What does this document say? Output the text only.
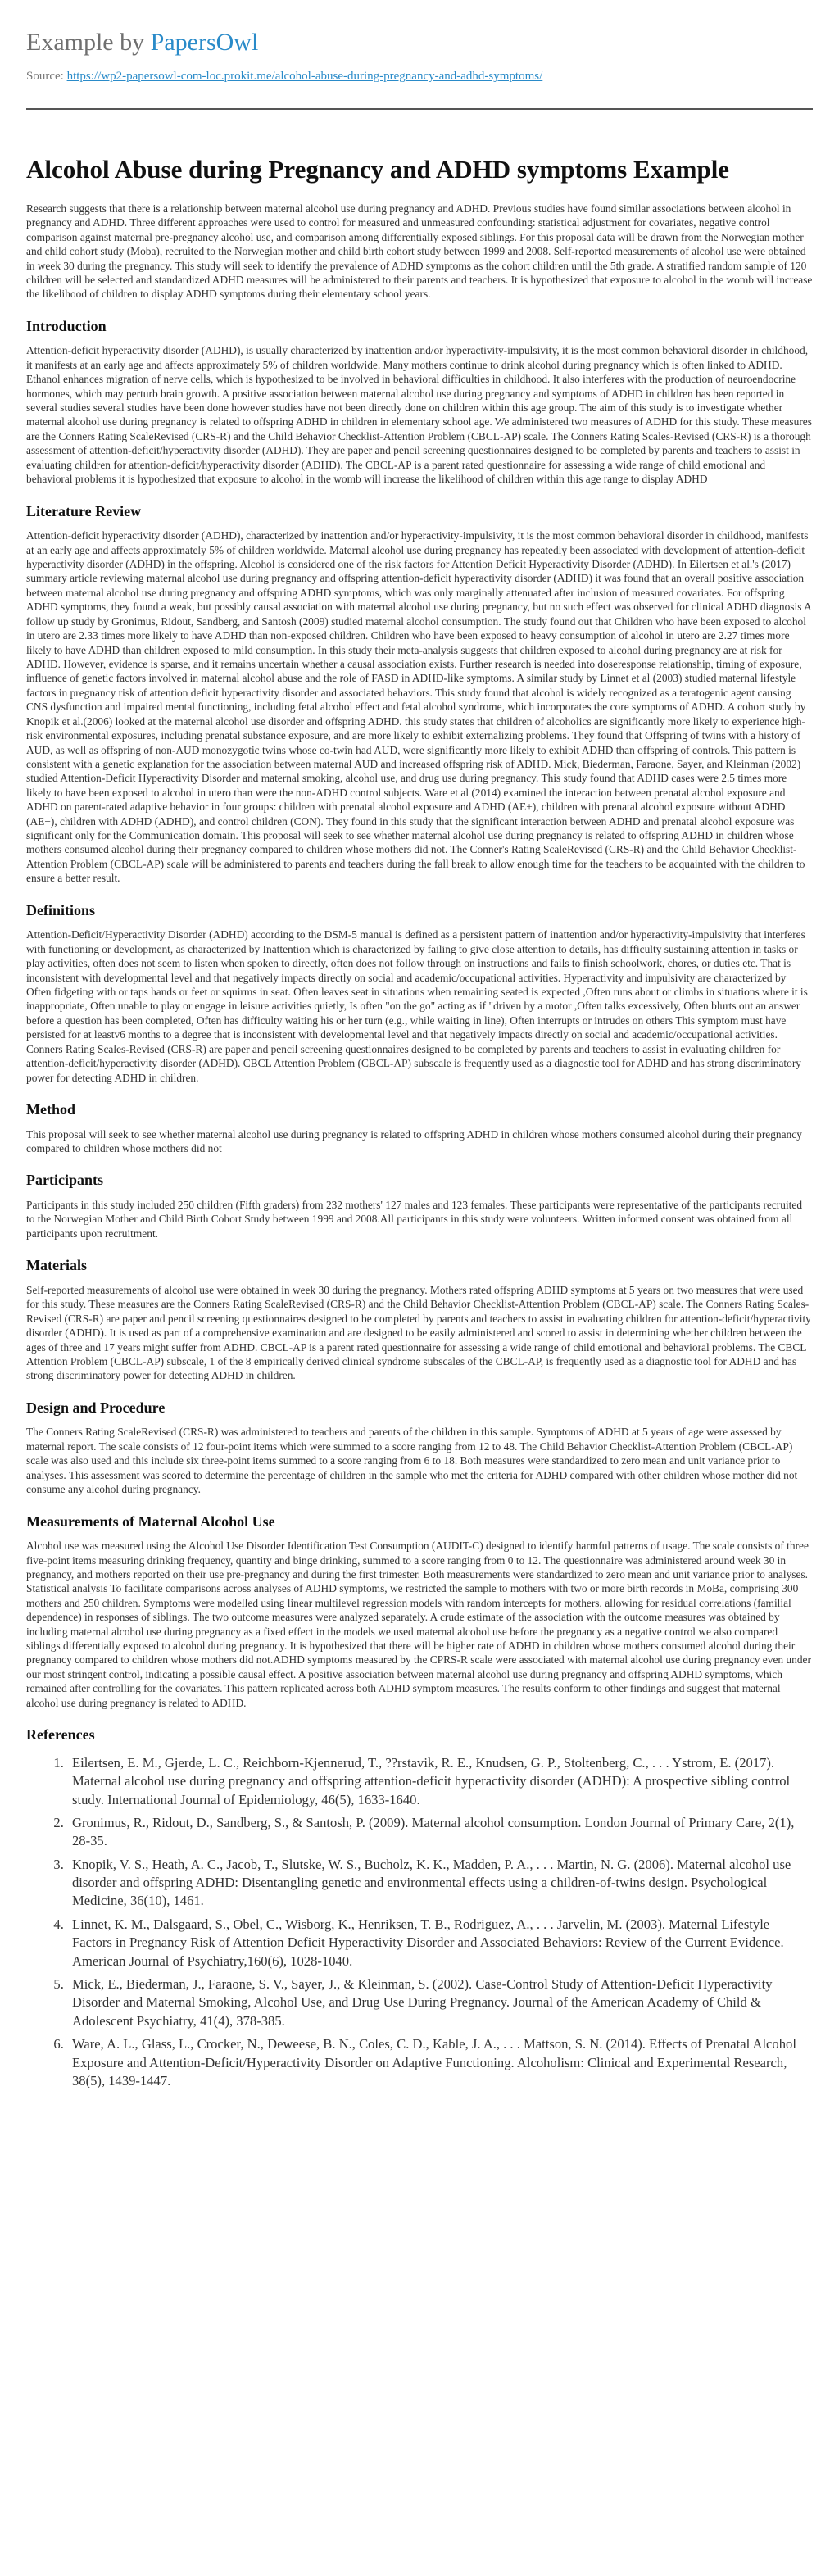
Example by PapersOwl
Source: https://wp2-papersowl-com-loc.prokit.me/alcohol-abuse-during-pregnancy-and-adhd-symptoms/
Alcohol Abuse during Pregnancy and ADHD symptoms Example

Research suggests that there is a relationship between maternal alcohol use during pregnancy and ADHD. Previous studies have found similar associations between alcohol in pregnancy and ADHD. Three different approaches were used to control for measured and unmeasured confounding: statistical adjustment for covariates, negative control comparison against maternal pre-pregnancy alcohol use, and comparison among differentially exposed siblings. For this proposal data will be drawn from the Norwegian mother and child cohort study (Moba), recruited to the Norwegian mother and child birth cohort study between 1999 and 2008. Self-reported measurements of alcohol use were obtained in week 30 during the pregnancy. This study will seek to identify the prevalence of ADHD symptoms as the cohort children until the 5th grade. A stratified random sample of 120 children will be selected and standardized ADHD measures will be administered to their parents and teachers. It is hypothesized that exposure to alcohol in the womb will increase the likelihood of children to display ADHD symptoms during their elementary school years.

Introduction

Attention-deficit hyperactivity disorder (ADHD), is usually characterized by inattention and/or hyperactivity-impulsivity, it is the most common behavioral disorder in childhood, it manifests at an early age and affects approximately 5% of children worldwide. Many mothers continue to drink alcohol during pregnancy which is often linked to ADHD. Ethanol enhances migration of nerve cells, which is hypothesized to be involved in behavioral difficulties in childhood. It also interferes with the production of neuroendocrine hormones, which may perturb brain growth. A positive association between maternal alcohol use during pregnancy and symptoms of ADHD in children has been reported in several studies several studies have been done however studies have not been directly done on children within this age group. The aim of this study is to investigate whether maternal alcohol use during pregnancy is related to offspring ADHD in children in elementary school age. We administered two measures of ADHD for this study. These measures are the Conners Rating ScaleRevised (CRS-R) and the Child Behavior Checklist-Attention Problem (CBCL-AP) scale. The Conners Rating Scales-Revised (CRS-R) is a thorough assessment of attention-deficit/hyperactivity disorder (ADHD). They are paper and pencil screening questionnaires designed to be completed by parents and teachers to assist in evaluating children for attention-deficit/hyperactivity disorder (ADHD). The CBCL-AP is a parent rated questionnaire for assessing a wide range of child emotional and behavioral problems it is hypothesized that exposure to alcohol in the womb will increase the likelihood of children within this age range to display ADHD

Literature Review

Attention-deficit hyperactivity disorder (ADHD), characterized by inattention and/or hyperactivity-impulsivity, it is the most common behavioral disorder in childhood, manifests at an early age and affects approximately 5% of children worldwide. Maternal alcohol use during pregnancy has repeatedly been associated with development of attention-deficit hyperactivity disorder (ADHD) in the offspring. Alcohol is considered one of the risk factors for Attention Deficit Hyperactivity Disorder (ADHD). In Eilertsen et al.'s (2017) summary article reviewing maternal alcohol use during pregnancy and offspring attention-deficit hyperactivity disorder (ADHD) it was found that an overall positive association between maternal alcohol use during pregnancy and offspring ADHD symptoms, which was only marginally attenuated after inclusion of measured covariates. For offspring ADHD symptoms, they found a weak, but possibly causal association with maternal alcohol use during pregnancy, but no such effect was observed for clinical ADHD diagnosis A follow up study by Gronimus, Ridout, Sandberg, and Santosh (2009) studied maternal alcohol consumption. The study found out that Children who have been exposed to alcohol in utero are 2.33 times more likely to have ADHD than non-exposed children. Children who have been exposed to heavy consumption of alcohol in utero are 2.27 times more likely to have ADHD than children exposed to mild consumption. In this study their meta-analysis suggests that children exposed to alcohol during pregnancy are at risk for ADHD. However, evidence is sparse, and it remains uncertain whether a causal association exists. Further research is needed into doseresponse relationship, timing of exposure, influence of genetic factors involved in maternal alcohol abuse and the role of FASD in ADHD-like symptoms. A similar study by Linnet et al (2003) studied maternal lifestyle factors in pregnancy risk of attention deficit hyperactivity disorder and associated behaviors. This study found that alcohol is widely recognized as a teratogenic agent causing CNS dysfunction and impaired mental functioning, including fetal alcohol effect and fetal alcohol syndrome, which incorporates the core symptoms of ADHD. A cohort study by Knopik et al.(2006) looked at the maternal alcohol use disorder and offspring ADHD. this study states that children of alcoholics are significantly more likely to experience high-risk environmental exposures, including prenatal substance exposure, and are more likely to exhibit externalizing problems. They found that Offspring of twins with a history of AUD, as well as offspring of non-AUD monozygotic twins whose co-twin had AUD, were significantly more likely to exhibit ADHD than offspring of controls. This pattern is consistent with a genetic explanation for the association between maternal AUD and increased offspring risk of ADHD. Mick, Biederman, Faraone, Sayer, and Kleinman (2002) studied Attention-Deficit Hyperactivity Disorder and maternal smoking, alcohol use, and drug use during pregnancy. This study found that ADHD cases were 2.5 times more likely to have been exposed to alcohol in utero than were the non-ADHD control subjects. Ware et al (2014) examined the interaction between prenatal alcohol exposure and ADHD on parent-rated adaptive behavior in four groups: children with prenatal alcohol exposure and ADHD (AE+), children with prenatal alcohol exposure without ADHD (AE−), children with ADHD (ADHD), and control children (CON). They found in this study that the significant interaction between ADHD and prenatal alcohol exposure was significant only for the Communication domain. This proposal will seek to see whether maternal alcohol use during pregnancy is related to offspring ADHD in children whose mothers consumed alcohol during their pregnancy compared to children whose mothers did not. The Conner's Rating ScaleRevised (CRS-R) and the Child Behavior Checklist-Attention Problem (CBCL-AP) scale will be administered to parents and teachers during the fall break to allow enough time for the teachers to be acquainted with the children to ensure a better result.

Definitions

Attention-Deficit/Hyperactivity Disorder (ADHD) according to the DSM-5 manual is defined as a persistent pattern of inattention and/or hyperactivity-impulsivity that interferes with functioning or development, as characterized by Inattention which is characterized by failing to give close attention to details, has difficulty sustaining attention in tasks or play activities, often does not seem to listen when spoken to directly, often does not follow through on instructions and fails to finish schoolwork, chores, or duties etc. That is inconsistent with developmental level and that negatively impacts directly on social and academic/occupational activities. Hyperactivity and impulsivity are characterized by Often fidgeting with or taps hands or feet or squirms in seat. Often leaves seat in situations when remaining seated is expected ,Often runs about or climbs in situations where it is inappropriate, Often unable to play or engage in leisure activities quietly, Is often "on the go" acting as if "driven by a motor ,Often talks excessively, Often blurts out an answer before a question has been completed, Often has difficulty waiting his or her turn (e.g., while waiting in line), Often interrupts or intrudes on others This symptom must have persisted for at leastv6 months to a degree that is inconsistent with developmental level and that negatively impacts directly on social and academic/occupational activities. Conners Rating Scales-Revised (CRS-R) are paper and pencil screening questionnaires designed to be completed by parents and teachers to assist in evaluating children for attention-deficit/hyperactivity disorder (ADHD). CBCL Attention Problem (CBCL-AP) subscale is frequently used as a diagnostic tool for ADHD and has strong discriminatory power for detecting ADHD in children.

Method

This proposal will seek to see whether maternal alcohol use during pregnancy is related to offspring ADHD in children whose mothers consumed alcohol during their pregnancy compared to children whose mothers did not

Participants

Participants in this study included 250 children (Fifth graders) from 232 mothers' 127 males and 123 females. These participants were representative of the participants recruited to the Norwegian Mother and Child Birth Cohort Study between 1999 and 2008.All participants in this study were volunteers. Written informed consent was obtained from all participants upon recruitment.

Materials

Self-reported measurements of alcohol use were obtained in week 30 during the pregnancy. Mothers rated offspring ADHD symptoms at 5 years on two measures that were used for this study. These measures are the Conners Rating ScaleRevised (CRS-R) and the Child Behavior Checklist-Attention Problem (CBCL-AP) scale. The Conners Rating Scales-Revised (CRS-R) are paper and pencil screening questionnaires designed to be completed by parents and teachers to assist in evaluating children for attention-deficit/hyperactivity disorder (ADHD). It is used as part of a comprehensive examination and are designed to be easily administered and scored to assist in determining whether children between the ages of three and 17 years might suffer from ADHD. CBCL-AP is a parent rated questionnaire for assessing a wide range of child emotional and behavioral problems. The CBCL Attention Problem (CBCL-AP) subscale, 1 of the 8 empirically derived clinical syndrome subscales of the CBCL-AP, is frequently used as a diagnostic tool for ADHD and has strong discriminatory power for detecting ADHD in children.

Design and Procedure

The Conners Rating ScaleRevised (CRS-R) was administered to teachers and parents of the children in this sample. Symptoms of ADHD at 5 years of age were assessed by maternal report. The scale consists of 12 four-point items which were summed to a score ranging from 12 to 48. The Child Behavior Checklist-Attention Problem (CBCL-AP) scale was also used and this include six three-point items summed to a score ranging from 6 to 18. Both measures were standardized to zero mean and unit variance prior to analyses. This assessment was scored to determine the percentage of children in the sample who met the criteria for ADHD compared with other children whose mother did not consume any alcohol during pregnancy.

Measurements of Maternal Alcohol Use

Alcohol use was measured using the Alcohol Use Disorder Identification Test Consumption (AUDIT-C) designed to identify harmful patterns of usage. The scale consists of three five-point items measuring drinking frequency, quantity and binge drinking, summed to a score ranging from 0 to 12. The questionnaire was administered around week 30 in pregnancy, and mothers reported on their use pre-pregnancy and during the first trimester. Both measurements were standardized to zero mean and unit variance prior to analyses. Statistical analysis To facilitate comparisons across analyses of ADHD symptoms, we restricted the sample to mothers with two or more birth records in MoBa, comprising 300 mothers and 250 children. Symptoms were modelled using linear multilevel regression models with random intercepts for mothers, allowing for residual correlations (familial dependence) in responses of siblings. The two outcome measures were analyzed separately. A crude estimate of the association with the outcome measures was obtained by including maternal alcohol use during pregnancy as a fixed effect in the models we used maternal alcohol use before the pregnancy as a negative control we also compared siblings differentially exposed to alcohol during pregnancy. It is hypothesized that there will be higher rate of ADHD in children whose mothers consumed alcohol during their pregnancy compared to children whose mothers did not.ADHD symptoms measured by the CPRS-R scale were associated with maternal alcohol use during pregnancy even under our most stringent control, indicating a possible causal effect. A positive association between maternal alcohol use during pregnancy and offspring ADHD symptoms, which remained after controlling for the covariates. This pattern replicated across both ADHD symptom measures. The results conform to other findings and suggest that maternal alcohol use during pregnancy is related to ADHD.

References
1. Eilertsen, E. M., Gjerde, L. C., Reichborn-Kjennerud, T., ??rstavik, R. E., Knudsen, G. P., Stoltenberg, C., . . . Ystrom, E. (2017). Maternal alcohol use during pregnancy and offspring attention-deficit hyperactivity disorder (ADHD): A prospective sibling control study. International Journal of Epidemiology, 46(5), 1633-1640.
2. Gronimus, R., Ridout, D., Sandberg, S., & Santosh, P. (2009). Maternal alcohol consumption. London Journal of Primary Care, 2(1), 28-35.
3. Knopik, V. S., Heath, A. C., Jacob, T., Slutske, W. S., Bucholz, K. K., Madden, P. A., . . . Martin, N. G. (2006). Maternal alcohol use disorder and offspring ADHD: Disentangling genetic and environmental effects using a children-of-twins design. Psychological Medicine, 36(10), 1461.
4. Linnet, K. M., Dalsgaard, S., Obel, C., Wisborg, K., Henriksen, T. B., Rodriguez, A., . . . Jarvelin, M. (2003). Maternal Lifestyle Factors in Pregnancy Risk of Attention Deficit Hyperactivity Disorder and Associated Behaviors: Review of the Current Evidence. American Journal of Psychiatry,160(6), 1028-1040.
5. Mick, E., Biederman, J., Faraone, S. V., Sayer, J., & Kleinman, S. (2002). Case-Control Study of Attention-Deficit Hyperactivity Disorder and Maternal Smoking, Alcohol Use, and Drug Use During Pregnancy. Journal of the American Academy of Child & Adolescent Psychiatry, 41(4), 378-385.
6. Ware, A. L., Glass, L., Crocker, N., Deweese, B. N., Coles, C. D., Kable, J. A., . . . Mattson, S. N. (2014). Effects of Prenatal Alcohol Exposure and Attention-Deficit/Hyperactivity Disorder on Adaptive Functioning. Alcoholism: Clinical and Experimental Research, 38(5), 1439-1447.
